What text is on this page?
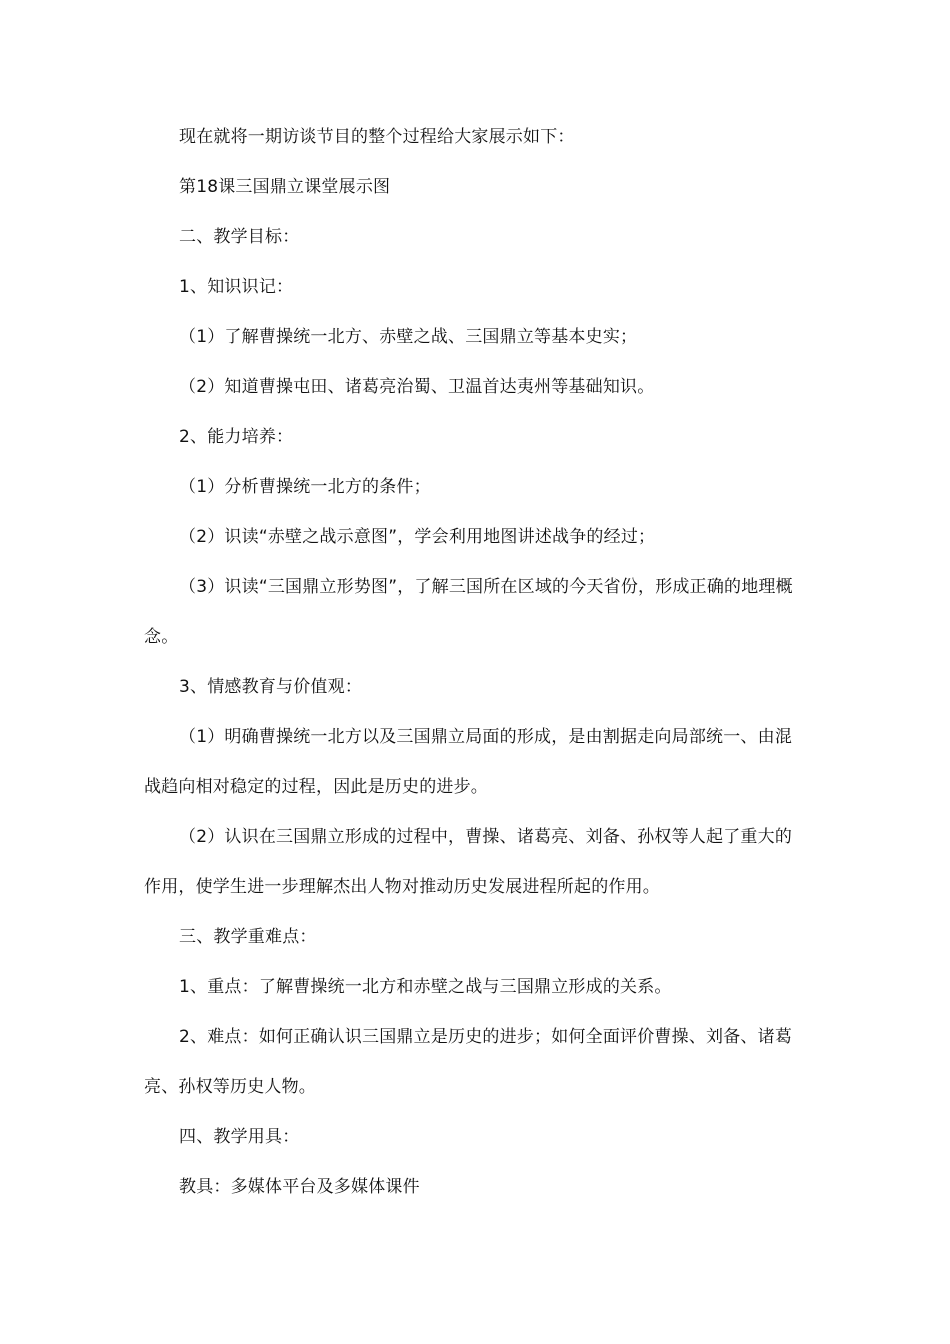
现在就将一期访谈节目的整个过程给大家展示如下：

第18课三国鼎立课堂展示图

二、教学目标：

1、知识识记：

（1）了解曹操统一北方、赤壁之战、三国鼎立等基本史实；

（2）知道曹操屯田、诸葛亮治蜀、卫温首达夷州等基础知识。

2、能力培养：

（1）分析曹操统一北方的条件；

（2）识读“赤壁之战示意图”，学会利用地图讲述战争的经过；

（3）识读“三国鼎立形势图”，了解三国所在区域的今天省份，形成正确的地理概念。

3、情感教育与价值观：

（1）明确曹操统一北方以及三国鼎立局面的形成，是由割据走向局部统一、由混战趋向相对稳定的过程，因此是历史的进步。

（2）认识在三国鼎立形成的过程中，曹操、诸葛亮、刘备、孙权等人起了重大的作用，使学生进一步理解杰出人物对推动历史发展进程所起的作用。

三、教学重难点：

1、重点：了解曹操统一北方和赤壁之战与三国鼎立形成的关系。

2、难点：如何正确认识三国鼎立是历史的进步；如何全面评价曹操、刘备、诸葛亮、孙权等历史人物。

四、教学用具：

教具：多媒体平台及多媒体课件
